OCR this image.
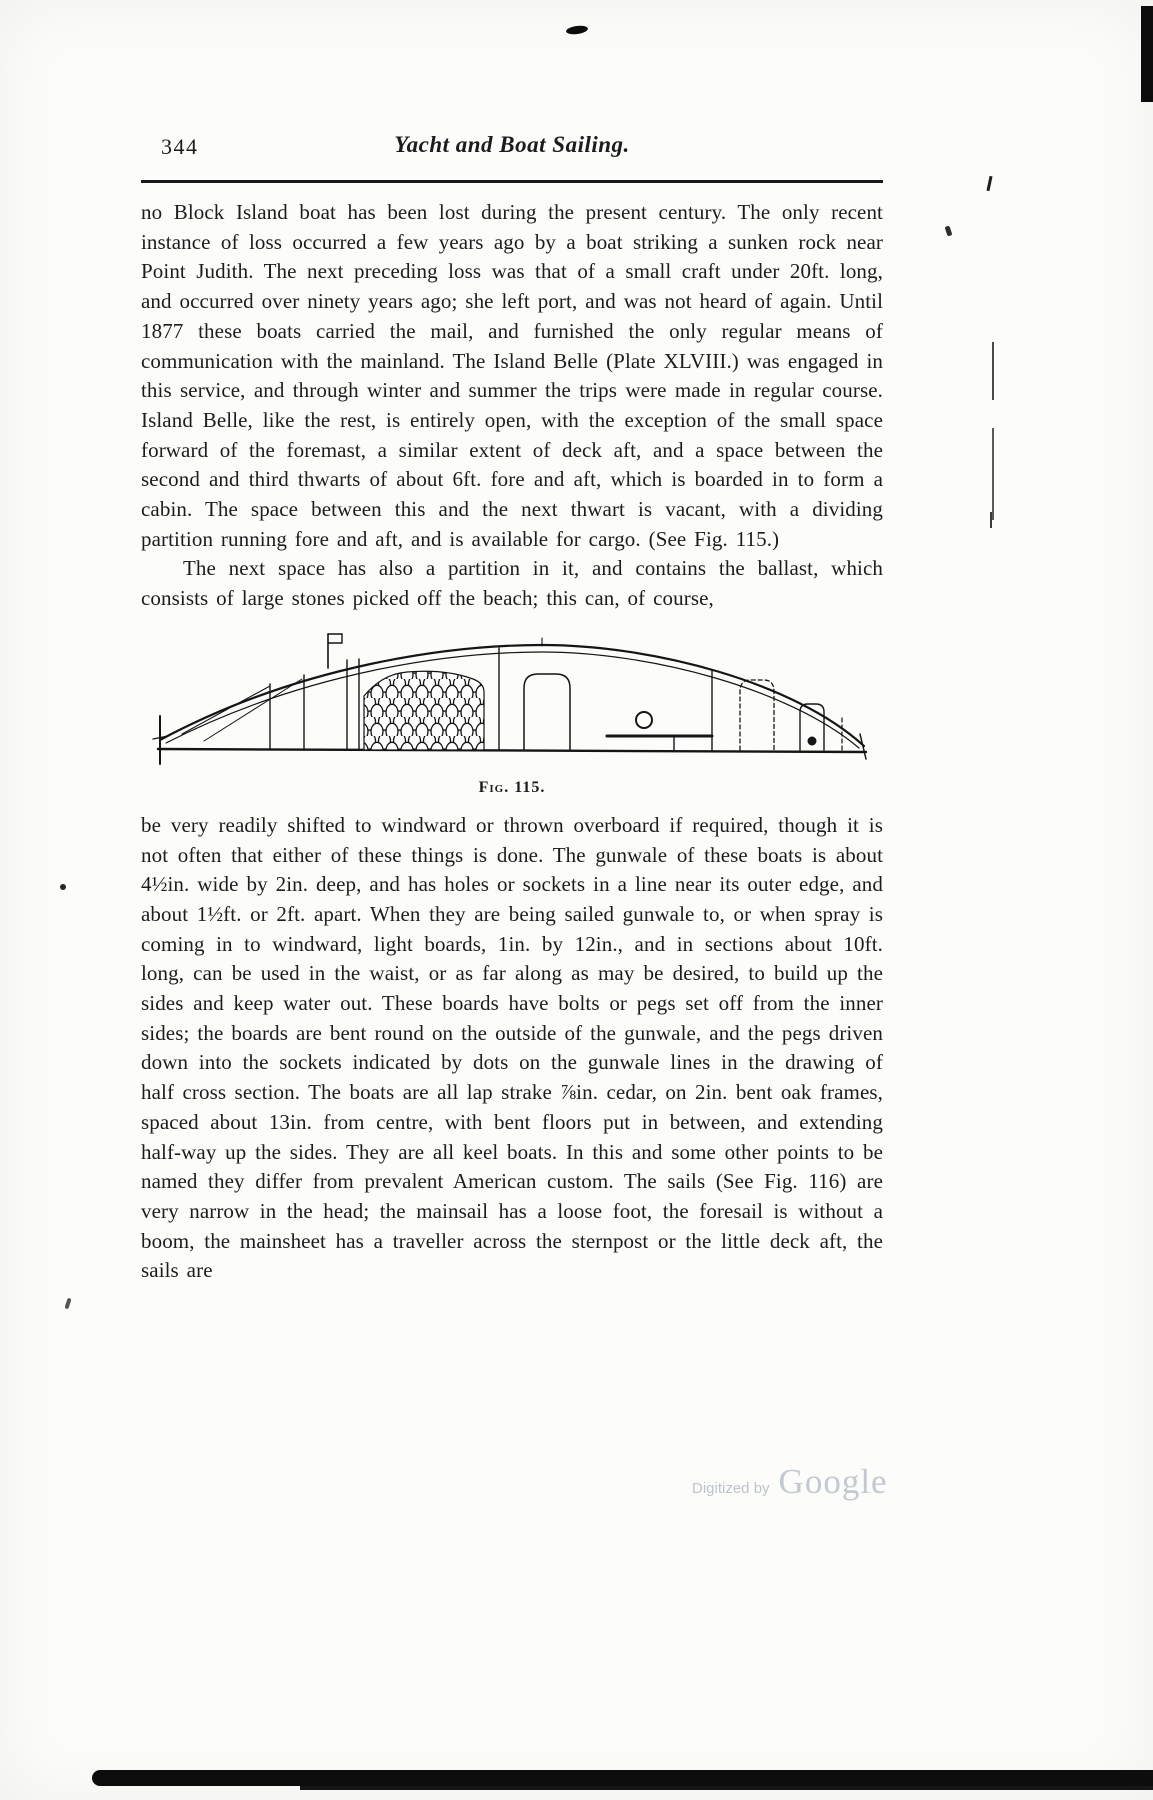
344	Yacht and Boat Sailing.

no Block Island boat has been lost during the present century. The only recent instance of loss occurred a few years ago by a boat striking a sunken rock near Point Judith. The next preceding loss was that of a small craft under 20ft. long, and occurred over ninety years ago; she left port, and was not heard of again. Until 1877 these boats carried the mail, and furnished the only regular means of communication with the mainland. The Island Belle (Plate XLVIII.) was engaged in this service, and through winter and summer the trips were made in regular course. Island Belle, like the rest, is entirely open, with the exception of the small space forward of the foremast, a similar extent of deck aft, and a space between the second and third thwarts of about 6ft. fore and aft, which is boarded in to form a cabin. The space between this and the next thwart is vacant, with a dividing partition running fore and aft, and is available for cargo. (See Fig. 115.)

The next space has also a partition in it, and contains the ballast, which consists of large stones picked off the beach; this can, of course,

Fig. 115.

be very readily shifted to windward or thrown overboard if required, though it is not often that either of these things is done. The gunwale of these boats is about 4½in. wide by 2in. deep, and has holes or sockets in a line near its outer edge, and about 1½ft. or 2ft. apart. When they are being sailed gunwale to, or when spray is coming in to windward, light boards, 1in. by 12in., and in sections about 10ft. long, can be used in the waist, or as far along as may be desired, to build up the sides and keep water out. These boards have bolts or pegs set off from the inner sides; the boards are bent round on the outside of the gunwale, and the pegs driven down into the sockets indicated by dots on the gunwale lines in the drawing of half cross section. The boats are all lap strake ⅞in. cedar, on 2in. bent oak frames, spaced about 13in. from centre, with bent floors put in between, and extending half-way up the sides. They are all keel boats. In this and some other points to be named they differ from prevalent American custom. The sails (See Fig. 116) are very narrow in the head; the mainsail has a loose foot, the foresail is without a boom, the mainsheet has a traveller across the sternpost or the little deck aft, the sails are

Digitized by Google
